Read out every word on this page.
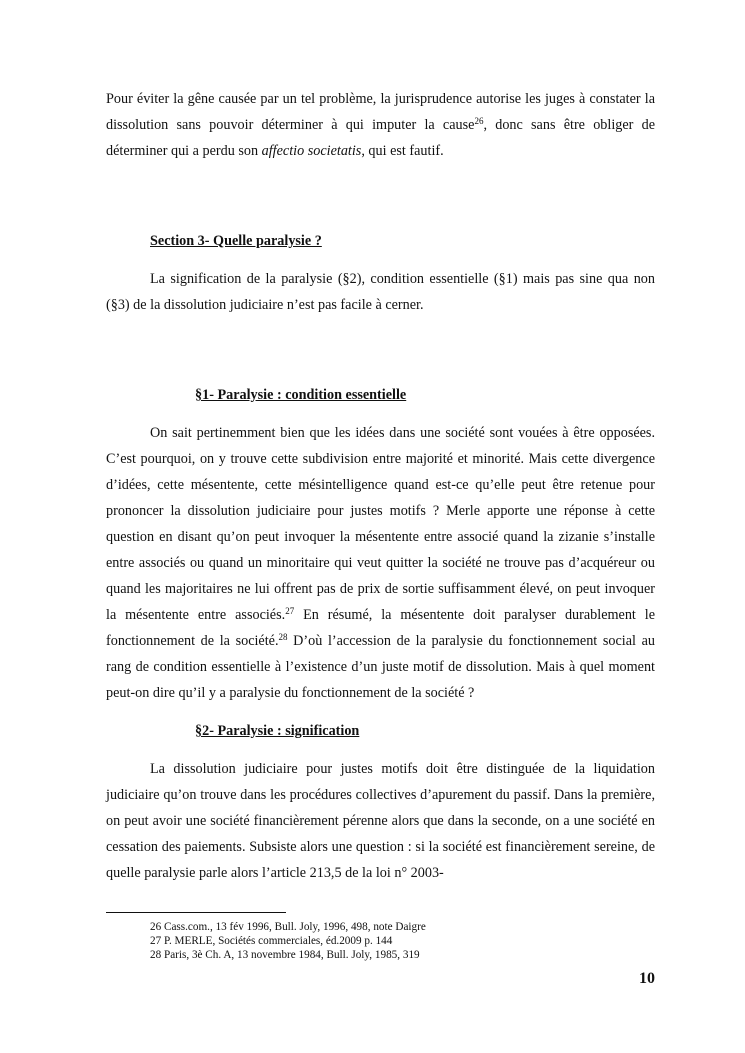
Pour éviter la gêne causée par un tel problème, la jurisprudence autorise les juges à constater la dissolution sans pouvoir déterminer à qui imputer la cause$^{26}$, donc sans être obliger de déterminer qui a perdu son affectio societatis, qui est fautif.

Section 3- Quelle paralysie ?

La signification de la paralysie (§2), condition essentielle (§1) mais pas sine qua non (§3) de la dissolution judiciaire n’est pas facile à cerner.

§1- Paralysie : condition essentielle

On sait pertinemment bien que les idées dans une société sont vouées à être opposées. C’est pourquoi, on y trouve cette subdivision entre majorité et minorité. Mais cette divergence d’idées, cette mésentente, cette mésintelligence quand est-ce qu’elle peut être retenue pour prononcer la dissolution judiciaire pour justes motifs ? Merle apporte une réponse à cette question en disant qu’on peut invoquer la mésentente entre associé quand la zizanie s’installe entre associés ou quand un minoritaire qui veut quitter la société ne trouve pas d’acquéreur ou quand les majoritaires ne lui offrent pas de prix de sortie suffisamment élevé, on peut invoquer la mésentente entre associés.$^{27}$ En résumé, la mésentente doit paralyser durablement le fonctionnement de la société.$^{28}$ D’où l’accession de la paralysie du fonctionnement social au rang de condition essentielle à l’existence d’un juste motif de dissolution. Mais à quel moment peut-on dire qu’il y a paralysie du fonctionnement de la société ?

§2- Paralysie : signification

La dissolution judiciaire pour justes motifs doit être distinguée de la liquidation judiciaire qu’on trouve dans les procédures collectives d’apurement du passif. Dans la première, on peut avoir une société financièrement pérenne alors que dans la seconde, on a une société en cessation des paiements. Subsiste alors une question : si la société est financièrement sereine, de quelle paralysie parle alors l’article 213,5 de la loi n° 2003-

26 Cass.com., 13 fév 1996, Bull. Joly, 1996, 498, note Daigre

27 P. MERLE, Sociétés commerciales, éd.2009 p. 144

28 Paris, 3è Ch. A, 13 novembre 1984, Bull. Joly, 1985, 319

10
